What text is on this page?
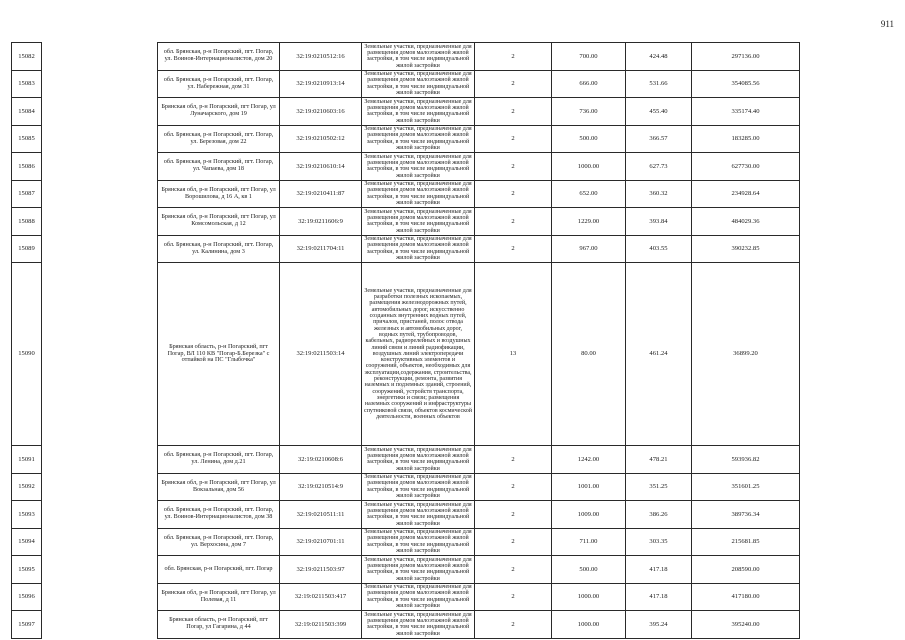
911
15082		обл. Брянская, р-н Погарский, пгт. Погар, ул. Воинов-Интернационалистов, дом 20	32:19:0210512:16	Земельные участки, предназначенные для размещения домов малоэтажной жилой застройки, в том числе индивидуальной жилой застройки	2	700.00	424.48	297136.00
15083		обл. Брянская, р-н Погарский, пгт. Погар, ул. Набережная, дом 31	32:19:0210913:14	Земельные участки, предназначенные для размещения домов малоэтажной жилой застройки, в том числе индивидуальной жилой застройки	2	666.00	531.66	354085.56
15084		Брянская обл, р-н Погарский, пгт Погар, ул Луначарского, дом 19	32:19:0210603:16	Земельные участки, предназначенные для размещения домов малоэтажной жилой застройки, в том числе индивидуальной жилой застройки	2	736.00	455.40	335174.40
15085		обл. Брянская, р-н Погарский, пгт. Погар, ул. Березовая, дом 22	32:19:0210502:12	Земельные участки, предназначенные для размещения домов малоэтажной жилой застройки, в том числе индивидуальной жилой застройки	2	500.00	366.57	183285.00
15086		обл. Брянская, р-н Погарский, пгт. Погар, ул. Чапаева, дом 18	32:19:0210610:14	Земельные участки, предназначенные для размещения домов малоэтажной жилой застройки, в том числе индивидуальной жилой застройки	2	1000.00	627.73	627730.00
15087		Брянская обл, р-н Погарский, пгт Погар, ул Ворошилова, д 16 А, кв 1	32:19:0210411:87	Земельные участки, предназначенные для размещения домов малоэтажной жилой застройки, в том числе индивидуальной жилой застройки	2	652.00	360.32	234928.64
15088		Брянская обл, р-н Погарский, пгт Погар, ул Комсомольская, д 12	32:19:0211606:9	Земельные участки, предназначенные для размещения домов малоэтажной жилой застройки, в том числе индивидуальной жилой застройки	2	1229.00	393.84	484029.36
15089		обл. Брянская, р-н Погарский, пгт. Погар, ул. Калинина, дом 3	32:19:0211704:11	Земельные участки, предназначенные для размещения домов малоэтажной жилой застройки, в том числе индивидуальной жилой застройки	2	967.00	403.55	390232.85
15090		Брянская область, р-н Погарский, пгт Погар, ВЛ 110 КВ "Погар-Б.Березка" с отпайкой на ПС "Глыбочка"	32:19:0211503:14	Земельные участки, предназначенные для разработки полезных ископаемых, размещения железнодорожных путей, автомобильных дорог, искусственно созданных внутренних водных путей, причалов, пристаней, полос отвода железных и автомобильных дорог, водных путей, трубопроводов, кабельных, радиорелейных и воздушных линий связи и линий радиофикации, воздушных линий электропередачи конструктивных элементов и сооружений, объектов, необходимых для эксплуатации,содержания, строительства, реконструкции, ремонта, развития наземных и подземных зданий, строений, сооружений, устройств транспорта, энергетики и связи; размещения наземных сооружений и инфраструктуры спутниковой связи, объектов космической деятельности, военных объектов	13	80.00	461.24	36899.20
15091		обл. Брянская, р-н Погарский, пгт. Погар, ул. Ленина, дом д.21	32:19:0210608:6	Земельные участки, предназначенные для размещения домов малоэтажной жилой застройки, в том числе индивидуальной жилой застройки	2	1242.00	478.21	593936.82
15092		Брянская обл, р-н Погарский, пгт Погар, ул Вокзальная, дом 56	32:19:0210514:9	Земельные участки, предназначенные для размещения домов малоэтажной жилой застройки, в том числе индивидуальной жилой застройки	2	1001.00	351.25	351601.25
15093		обл. Брянская, р-н Погарский, пгт. Погар, ул. Воинов-Интернационалистов, дом 38	32:19:0210511:11	Земельные участки, предназначенные для размещения домов малоэтажной жилой застройки, в том числе индивидуальной жилой застройки	2	1009.00	386.26	389736.34
15094		обл. Брянская, р-н Погарский, пгт. Погар, ул. Верхосина, дом 7	32:19:0210701:11	Земельные участки, предназначенные для размещения домов малоэтажной жилой застройки, в том числе индивидуальной жилой застройки	2	711.00	303.35	215681.85
15095		обл. Брянская, р-н Погарский, пгт. Погар	32:19:0211503:97	Земельные участки, предназначенные для размещения домов малоэтажной жилой застройки, в том числе индивидуальной жилой застройки	2	500.00	417.18	208590.00
15096		Брянская обл, р-н Погарский, пгт Погар, ул Полевая, д 11	32:19:0211503:417	Земельные участки, предназначенные для размещения домов малоэтажной жилой застройки, в том числе индивидуальной жилой застройки	2	1000.00	417.18	417180.00
15097		Брянская область, р-н Погарский, пгт Погар, ул Гагарина, д 44	32:19:0211503:399	Земельные участки, предназначенные для размещения домов малоэтажной жилой застройки, в том числе индивидуальной жилой застройки	2	1000.00	395.24	395240.00
